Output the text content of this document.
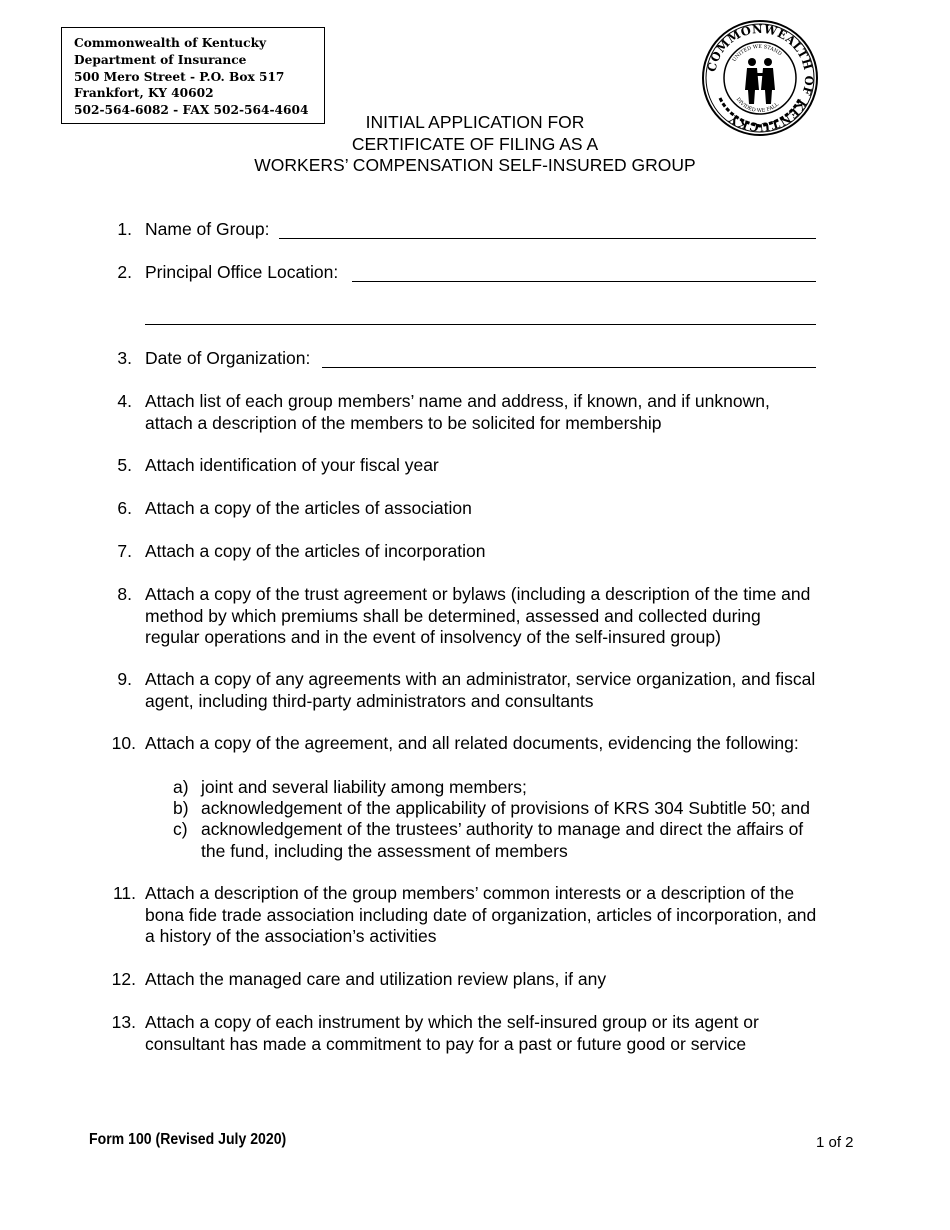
Commonwealth of Kentucky
Department of Insurance
500 Mero Street - P.O. Box 517
Frankfort, KY 40602
502-564-6082 - FAX 502-564-4604
COMMONWEALTH OF KENTUCKY
UNITED WE STAND
DIVIDED WE FALL
INITIAL APPLICATION FOR
CERTIFICATE OF FILING AS A
WORKERS’ COMPENSATION SELF-INSURED GROUP
1. Name of Group:
2. Principal Office Location:
3. Date of Organization:
4. Attach list of each group members’ name and address, if known, and if unknown,
attach a description of the members to be solicited for membership
5. Attach identification of your fiscal year
6. Attach a copy of the articles of association
7. Attach a copy of the articles of incorporation
8. Attach a copy of the trust agreement or bylaws (including a description of the time and
method by which premiums shall be determined, assessed and collected during
regular operations and in the event of insolvency of the self-insured group)
9. Attach a copy of any agreements with an administrator, service organization, and fiscal
agent, including third-party administrators and consultants
10. Attach a copy of the agreement, and all related documents, evidencing the following:
a) joint and several liability among members;
b) acknowledgement of the applicability of provisions of KRS 304 Subtitle 50; and
c) acknowledgement of the trustees’ authority to manage and direct the affairs of
the fund, including the assessment of members
11. Attach a description of the group members’ common interests or a description of the
bona fide trade association including date of organization, articles of incorporation, and
a history of the association’s activities
12. Attach the managed care and utilization review plans, if any
13. Attach a copy of each instrument by which the self-insured group or its agent or
consultant has made a commitment to pay for a past or future good or service
Form 100 (Revised July 2020)	1 of 2
